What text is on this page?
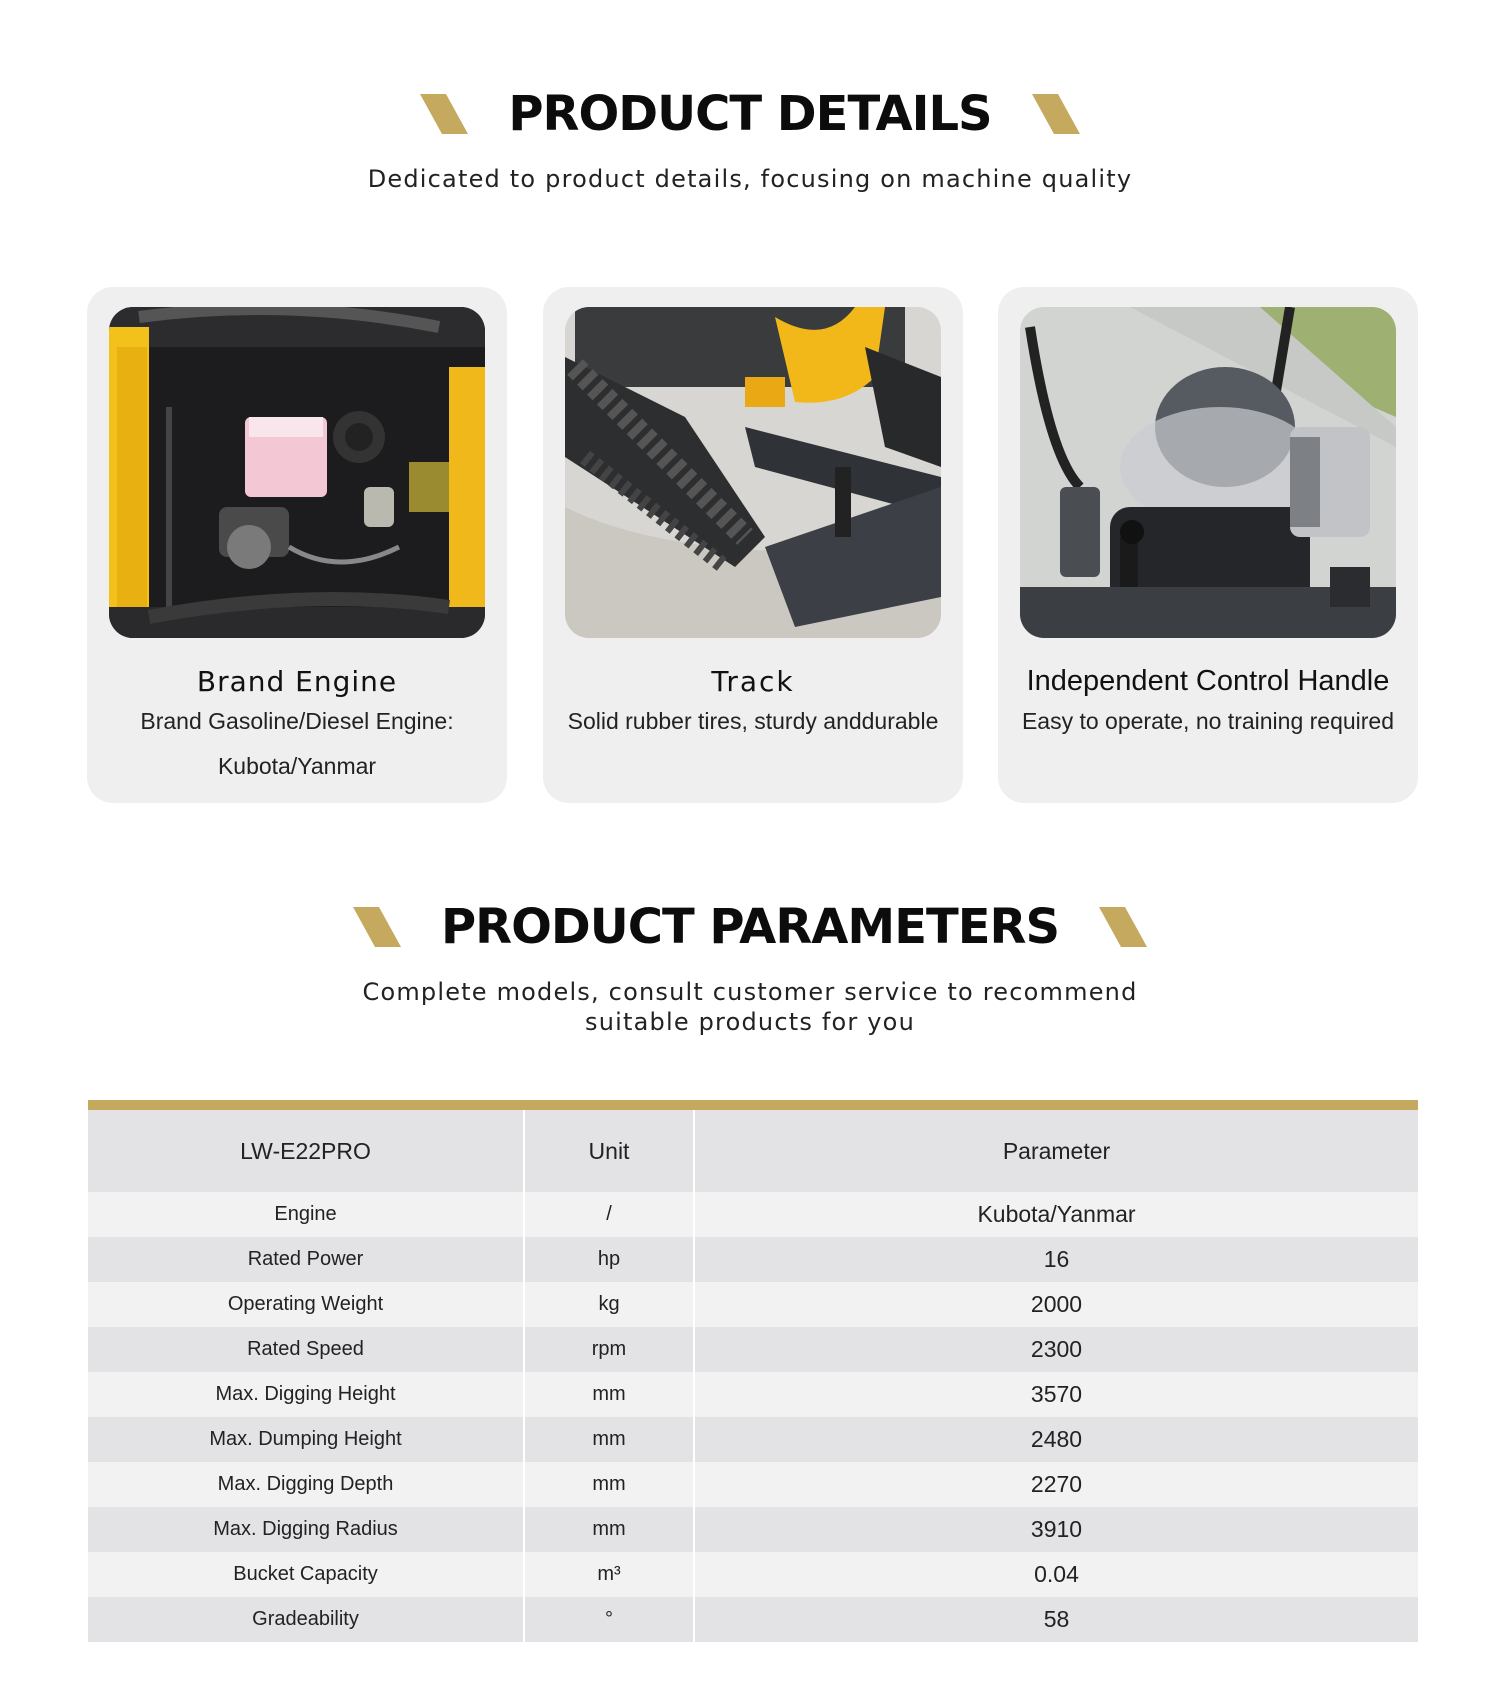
PRODUCT DETAILS
Dedicated to product details, focusing on machine quality
Brand Engine
Brand Gasoline/Diesel Engine:
Kubota/Yanmar
Track
Solid rubber tires, sturdy anddurable
Independent Control Handle
Easy to operate, no training required
PRODUCT PARAMETERS
Complete models, consult customer service to recommend suitable products for you
LW-E22PRO	Unit	Parameter
Engine	/	Kubota/Yanmar
Rated Power	hp	16
Operating Weight	kg	2000
Rated Speed	rpm	2300
Max. Digging Height	mm	3570
Max. Dumping Height	mm	2480
Max. Digging Depth	mm	2270
Max. Digging Radius	mm	3910
Bucket Capacity	m³	0.04
Gradeability	°	58
